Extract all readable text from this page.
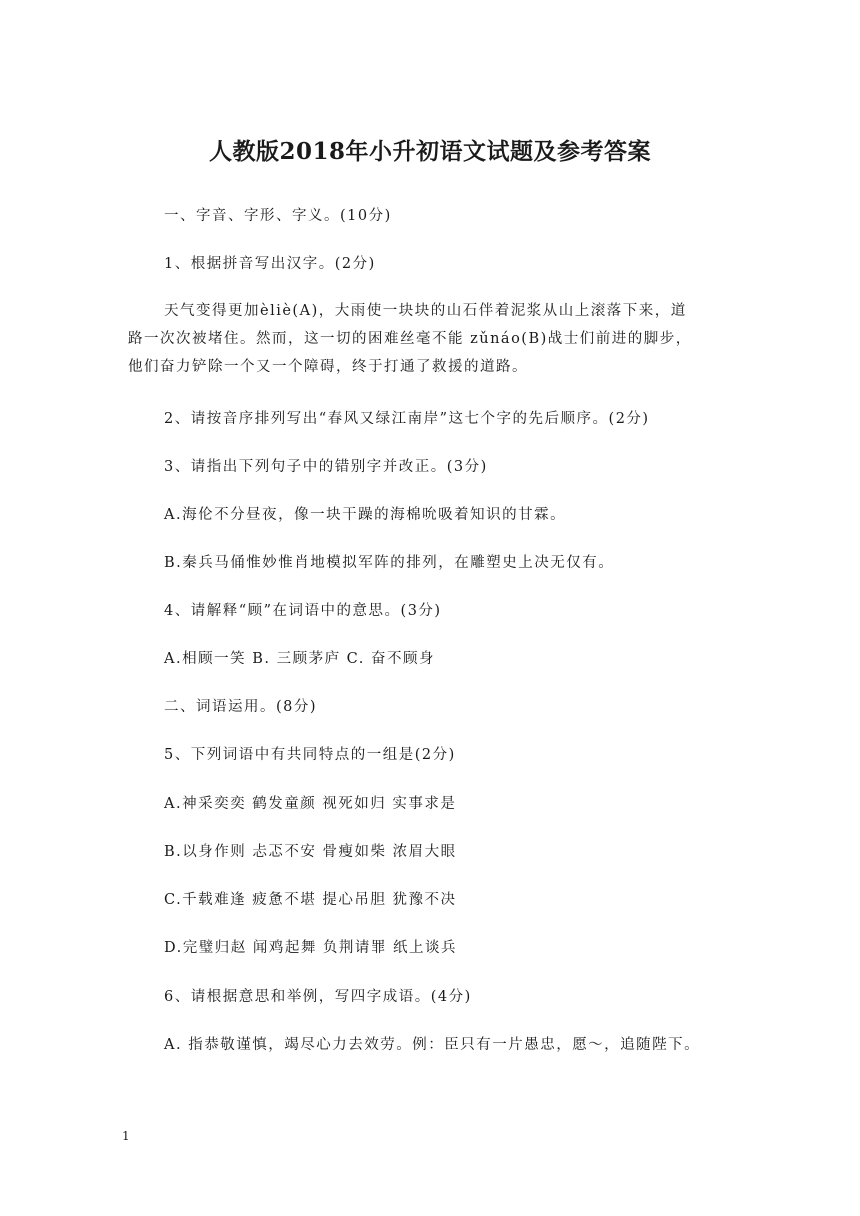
人教版2018年小升初语文试题及参考答案

一、字音、字形、字义。(10分)

1、根据拼音写出汉字。(2分)

天气变得更加èliè(A)，大雨使一块块的山石伴着泥浆从山上滚落下来，道
路一次次被堵住。然而，这一切的困难丝毫不能 zǔnáo(B)战士们前进的脚步，
他们奋力铲除一个又一个障碍，终于打通了救援的道路。

2、请按音序排列写出“春风又绿江南岸”这七个字的先后顺序。(2分)

3、请指出下列句子中的错别字并改正。(3分)

A.海伦不分昼夜，像一块干躁的海棉吮吸着知识的甘霖。

B.秦兵马俑惟妙惟肖地模拟军阵的排列，在雕塑史上决无仅有。

4、请解释“顾”在词语中的意思。(3分)

A.相顾一笑 B. 三顾茅庐 C. 奋不顾身

二、词语运用。(8分)

5、下列词语中有共同特点的一组是(2分)

A.神采奕奕 鹤发童颜 视死如归 实事求是

B.以身作则 忐忑不安 骨瘦如柴 浓眉大眼

C.千载难逢 疲惫不堪 提心吊胆 犹豫不决

D.完璧归赵 闻鸡起舞 负荆请罪 纸上谈兵

6、请根据意思和举例，写四字成语。(4分)

A. 指恭敬谨慎，竭尽心力去效劳。例：臣只有一片愚忠，愿～，追随陛下。

1
